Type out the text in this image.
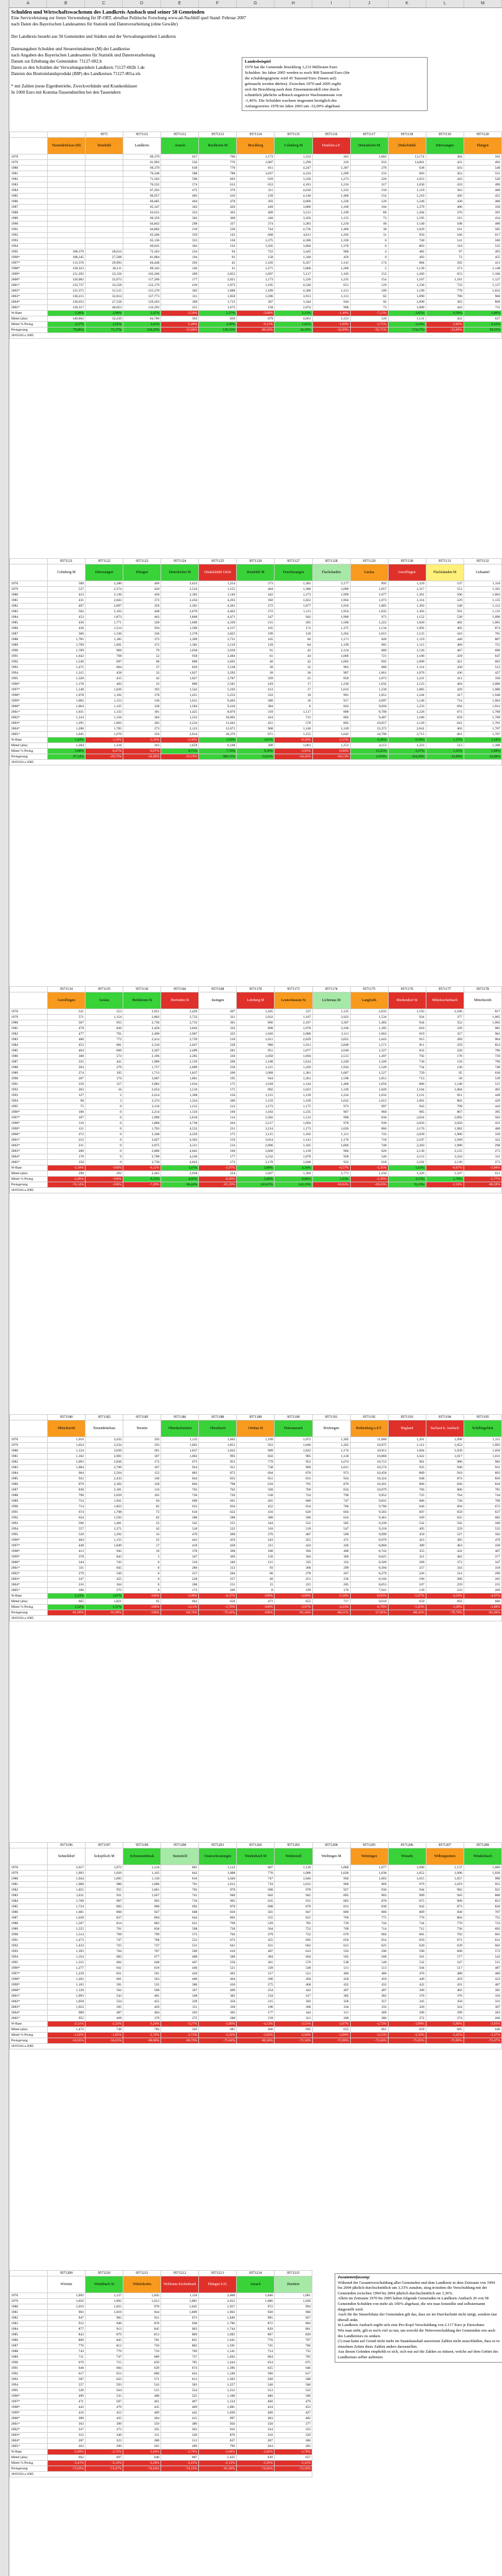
A	B	C	D	E	F	G	H	I	J	K	L	M
Schulden und Wirtschaftswachstum des Landkreis Ansbach und seiner 58 Gemeinden
Eine Serviceleistung zur freien Verwendung für IP-ORT, abrufbar Politische Forschung www.ad-Nachhilf quel Stand: Februar 2007
nach Daten des Bayerischen Landesamtes für Statistik und Datenverarbeitung (ohne Gewähr)
Der Landkreis besteht aus 58 Gemeinden und Städten und der Verwaltungseinheit Landkreis
Datenangaben Schulden und Steuereinnahmen (M) der Landkreise
nach Angaben des Bayerischen Landesamtes für Statistik und Datenverarbeitung
Datum zur Erhebung der Gemeinden: 71127-002.b
Daten zu den Schulden der Verwaltungseinheit Landkreis 71127-002b 1.de
Dateien des Bruttoinlandsprodukt (BIP) des Landkreises 71127-001a.xls
* mit Zahlen (neue Eigenbetriebe, Zweckverbände und Krankenhäuser
In 1000 Euro mit Komma-Tausendstellen bei den Tausendern
Landesbeispiel
1970 hat die Gemeinde Bruckberg 1,233 Millionen Euro
Schulden. Im Jahre 2005 werden es noch 908 Tausend Euro (für
die schuldengegriene wird 45 Tausend Euro Zinsen auf)
gebraucht werden dürfen). Zwischen 1970 und 2005 ergibt
sich für Bruckberg nach dem Zinsenummodell eine durch-
schnittlich jährliche selbstsch negativer Wachstumsrate von
-1,46%. Die Schulden wachsen insgesamt bezüglich des
Anfangswertes 1978 im Jahre 2003 um -32,09% abgebaut.
		9571	9571111	9571112	9571113	9571114	9571115	9571116	9571117	9571118	9571119	9571120
	Neuendettelsau (M)	Dombühl	Landkreis	Aurach	Bechhofen M	Bruckberg	Colmberg M	Dentlein a.F.	Dietenhofen M	Dinkelsbühl	Dürrwangen	Ehingen
1970			69,379	627	700	1,173	1,233	201	1,002	12,174	384	501
1979			61,993	556	776	1,007	1,299	216	933	14,061	431	492
1980			69,379	630	770	811	4,247	1,307	278	638	503	540
1981			70,348	588	780	1,037	4,224	1,209	233	683	452	551
1982			71,503	590	693	629	3,330	1,273	220	1,053	443	520
1983			76,532	574	612	653	4,181	1,216	217	1,030	433	490
1984			67,203	475	376	311	4,010	1,333	150	1,119	363	468
1985			66,957	483	416	239	4,140	1,406	154	1,210	426	455
1986			66,685	464	470	393	4,069	1,220	120	1,246	430	400
1987			65,347	362	426	449	3,889	1,106	104	1,279	406	358
1988			63,615	323	363	409	3,513	1,199	80	1,204	270	391
1989			60,359	302	360	340	3,456	1,155	73	1,195	215	434
1990			64,843	298	337	374	3,383	1,210	48	1,140	188	480
1991			64,802	319	230	744	4,736	1,460	38	1,029	161	585
1992			63,206	359	143	668	4,611	1,292	31	956	166	617
1993			65,136	335	130	1,375	4,300	1,336	6	740	141	566
1994			69,035	302	132	1,565	3,894	1,370	0	803	118	535
1995	108,379	28,614	72,363	224	94	722	3,445	906	4	482	97	493
1996*	108,345	27,568	81,804	194	93	158	1,340	456	0	493	72	455
1997*	113,376	29,993	84,448	203	42	1,326	6,327	1,141	174	884	292	412
1998*	120,323	30,111	89,342	146	41	1,271	5,860	1,206	2	1,139	273	1,148
1999*	131,292	33,156	102,206	209	2,053	1,697	5,117	1,183	152	1,269	653	1,106
2000*	126,002	32,073	117,266	177	2,021	1,173	5,226	1,235	154	1,187	1,181	1,127
2001*	133,737	33,558	122,179	419	1,973	1,195	4,540	651	129	1,230	733	1,127
2002*	125,373	31,515	125,370	305	1,888	1,189	4,300	1,121	109	1,190	778	1,032
2003*	130,215	32,014	127,773	311	1,858	1,206	3,913	1,113	82	1,090	780	968
2004*	136,653	27,558	129,203	309	1,713	307	3,344	944	92	1,090	363	869
2005*	139,317	48,653	132,292	255	1,675	158	2,874	908	73	1,089	443	711
W-Rate	3,36%	2,98%	2,47%	-3,58%	2,37%	-3,68%	2,12%	-1,46%	-7,12%	3,65%	0,39%	1,06%
Mittel (abs)	140,862	32,239	84,706	363	826	879	4,061	1,121	120	1,131	422	627
Mittel % Preisg.	3,57%	2,65%	3,01%	-5,48%	3,99%	-0,12%	1,02%	-1,69%	-3,75%	3,10%	-2,66%	6,42%
Preisgerung	79,06%	71,17%	102,20%	-31,68%	139,35%	-86,56%	34,19%	-32,09%	-92,71%	174,17%	-23,09%	39,55%
18/05/04 a 2005												
	9571121	9571122	9571123	9571124	9571125	9571126	9571127	9571128	9571129	9571130	9571131	9571132
	Colmberg M	Dürrwangen	Ehingen	Dietenhofen M	Dinkelsbühl GKSt	Dombühl M	Feuchtwangen	Flachslanden	Geslau	Gerolfingen	Flachslanden M	Gebsattel
1970	500	2,280	469	2,622	1,254	573	1,383	2,177	895	1,329	537	1,118
1979	537	2,374	420	2,524	1,155	484	1,380	2,080	1,057	1,317	551	1,101
1980	423	2,130	458	2,385	1,146	442	1,273	1,999	1,077	1,301	506	1,063
1981	431	2,043	373	2,456	4,263	392	1,022	1,964	1,073	1,314	529	1,135
1982	497	2,097	359	2,301	4,301	272	1,077	1,916	1,085	1,303	548	1,152
1983	502	2,163	448	2,079	4,463	272	1,111	1,954	1,035	1,303	591	1,131
1984	453	1,873	463	1,868	4,471	247	942	1,900	973	1,152	538	1,096
1985	436	1,771	328	1,600	4,339	215	265	1,500	1,222	1,020	402	1,001
1986	426	1,514	294	1,589	4,317	165	172	1,375	1,134	1,092	402	874
1987	366	1,330	336	1,378	3,825	199	120	1,262	1,015	1,125	416	765
1988	1,785	1,185	372	1,369	3,731	165	84	1,171	949	1,119	440	807
1989	1,799	1,091	372	1,382	3,519	129	84	1,199	905	1,115	469	755
1990	1,709	969	79	1,030	3,639	91	42	1,124	809	1,120	467	696
1991	1,642	768	52	958	3,484	61	44	1,066	721	1,186	439	647
1992	1,549	697	60	888	3,695	40	42	1,003	692	1,099	421	603
1993	1,475	604	37	829	3,538	30	32	983	680	1,114	430	512
1994	1,315	458	32	1,027	3,292	20	30	907	1,061	1,076	436	427
1995	1,320	415	42	1,027	3,787	329	25	850	1,073	1,221	411	358
1996*	1,178	403	23	889	3,581	419	17	1,230	1,032	1,123	404	2,006
1997*	1,148	1,026	193	1,542	5,103	413	17	1,033	1,230	1,085	429	1,980
1998*	1,078	1,102	178	1,451	5,253	333	10	981	1,051	1,244	417	1,948
1999*	1,002	1,153	130	1,631	9,403	380	10	917	4,097	1,146	714	1,964
2000*	1,064	1,125	130	1,584	9,410	384	8	843	9,058	1,233	694	1,912
2001*	1,031	1,133	181	1,425	8,876	319	1,117	808	8,700	1,226	671	1,768
2002*	1,334	1,156	364	1,252	10,092	424	713	802	9,407	1,186	659	1,768
2003*	1,295	1,063	303	2,234	11,043	421	570	802	10,057	1,120	641	1,701
2004*	1,208	1,705	273	2,123	12,671	968	1,146	1,149	23,372	2,841	403	1,707
2005*	1,045	1,670	356	2,014	18,376	871	1,155	1,042	24,790	2,715	661	1,707
W-Rate	1,44%	-1,59%	-3,56%	-2,36%	3,59%	3,01%	-8,20%	-2,15%	6,46%	0,50%	1,27%	1,24%
Mittel (abs)	1,284	1,318	263	1,659	6,108	300	1,001	1,253	4,113	1,223	512	1,388
Mittel % Preisg.	3,00%	-0,47%	-0,67%	0,71%	7,70%	0,39%	-3,91%	-0,90%	13,35%	2,27%	1,55%	1,09%
Preisgerung	97,54%	-29,73%	-24,09%	-23,19%	380,72%	52,01%	-16,41%	-50,13%	2.670%	104,29%	23,09%	52,68%
18/05/04 a 2005												
	9571134	9571135	9571136	9571166	9571168	9571170	9571173	9571174	9571175	9571176	9571177	9571178
	Gerolfingen	Geslau	Heilsbronn St	Herrieden St	Insingen	Lehrberg M	Leutershausen St	Lichtenau M	Langfurth	Merkendorf St	Mitteleschenbach	Mönchsroth
1970	611	553	2,951	2,429	497	1,205	237	1,125	2,035	1,193	2,186	817
1979	571	1,154	2,803	2,732	321	1,032	1,107	2,922	1,534	924	377	1,065
1980	507	955	2,730	2,733	301	866	2,107	3,307	1,402	944	352	1,002
1981	479	830	2,458	3,044	332	890	1,978	3,160	1,395	810	339	981
1982	477	791	2,490	2,967	335	1,026	2,080	3,111	1,663	819	357	962
1983	480	772	2,414	2,739	210	1,011	2,029	3,055	1,643	915	289	904
1984	453	681	2,310	2,647	228	980	1,911	2,848	1,571	811	259	854
1985	404	660	2,207	2,499	281	951	1,877	2,640	1,527	832	220	786
1986	308	574	2,196	2,285	336	1,050	1,694	2,513	1,497	792	178	739
1987	335	441	1,900	2,159	298	1,108	1,614	2,249	1,509	730	150	796
1988	264	279	1,757	2,009	250	1,121	1,439	1,934	1,549	734	130	740
1989	274	195	1,713	1,837	206	1,009	1,381	1,687	1,527	729	95	636
1990	267	174	3,007	1,801	195	944	1,261	1,598	1,051	713	58	539
1991	229	157	2,882	1,634	175	1,018	1,144	1,406	1,056	806	1,148	515
1992	203	16	2,654	1,510	175	892	1,023	1,330	1,049	1,104	1,084	491
1993	127	2	2,614	1,368	156	1,115	1,120	1,224	1,032	1,121	921	449
1994	98	3	2,374	1,334	200	1,159	1,169	1,032	1,013	1,001	802	429
1995	75	0	2,116	1,215	212	1,173	1,175	973	997	943	799	443
1996*	100	0	2,214	1,156	169	1,183	1,235	967	960	985	867	395
1997*	107	0	1,990	5,018	114	3,302	1,133	990	830	2,024	2,092	503
1998*	110	0	1,868	4,738	264	3,217	1,094	978	930	2,056	2,050	431
1999*	121	0	1,703	4,532	231	3,214	1,173	1,026	866	2,176	1,982	400
2000*	272	0	3,100	4,359	175	3,115	1,182	1,111	743	2,039	1,906	339
2001*	252	0	3,027	4,303	159	3,014	1,141	1,176	718	2,107	1,949	322
2002*	231	0	2,875	4,211	214	2,896	1,185	1,066	748	2,203	1,980	298
2003*	200	0	2,800	4,042	160	3,060	1,139	984	626	2,130	2,125	273
2004*	178	0	2,708	4,230	177	3,232	1,078	958	546	2,153	2,224	311
2005*	158	0	2,730	4,043	173	3,170	1,048	922	618	2,102	2,130	273
W-Rate	-3,18%	-100%	-0,22%	1,47%	-2,97%	2,80%	4,34%	-0,57%	-3,35%	1,63%	-0,07%	-3,09%
Mittel (abs)	290	292	2,462	2,938	224	1,667	1,394	1,771	1,234	1,326	1,107	612
Mittel % Preisg.	-2,09%	-100%	0,13%	4,05%	-0,49%	5,06%	8,06%	1,03%	-2,36%	3,53%	5,78%	-1,77%
Preisgerung	-74,14%	-100%	-7,49%	66,44%	-65,19%	163,07%	342,19%	-18,04%	-69,63%	76,19%	-2,56%	-66,59%
18/05/04 a 2005												
	9571180	9571182	9571185	9571186	9571188	9571189	9571190	9571191	9571192	9571193	9571194	9571195
	Mönchsroth	Neuendettelsau	Neusitz	Oberdachstetten	Ohrenbach	Ornbau St	Petersaurach	Röckingen	Rothenburg o.d.T.	Rügland	Sachsen b. Ansbach	Schillingsfürst
1970	1,016	3,432	193	1,135	1,002	1,109	1,072	1,305	11,006	1,201	1,098	1,115
1979	1,054	3,234	193	1,065	1,051	933	1,046	1,262	10,975	1,112	1,052	1,093
1980	1,124	3,039	201	1,037	1,032	909	1,022	1,174	10,911	1,064	1,039	1,050
1981	1,102	2,981	187	1,003	995	856	985	1,130	10,860	1,022	1,017	1,011
1982	1,093	2,830	172	973	955	779	953	1,074	10,713	981	986	982
1983	1,004	2,709	167	924	911	738	909	1,021	10,574	935	948	931
1984	964	2,564	152	883	872	694	870	973	10,458	889	910	893
1985	922	2,433	140	844	835	651	833	924	10,324	848	874	856
1986	879	2,302	128	804	798	610	795	879	10,201	806	836	818
1987	838	2,181	116	765	762	569	760	834	10,079	766	800	781
1988	796	2,059	105	726	726	530	724	790	9,952	725	764	744
1989	754	1,941	94	690	691	491	689	747	9,831	686	728	708
1990	714	1,823	82	652	656	452	654	706	9,706	646	694	672
1991	674	1,708	72	616	622	416	620	664	9,583	607	659	637
1992	634	1,593	62	580	588	380	586	624	9,461	569	625	602
1993	596	1,481	52	545	555	344	552	585	9,339	532	592	568
1994	557	1,371	42	510	522	310	519	547	9,218	495	559	535
1995	520	1,262	33	476	490	276	487	509	9,099	459	527	502
1996*	484	1,155	25	443	459	243	455	472	8,979	423	495	470
1997*	448	1,049	17	410	428	211	424	436	8,860	389	463	438
1998*	413	945	10	378	398	180	394	400	8,742	355	432	407
1999*	378	843	3	347	369	150	364	366	8,625	321	402	377
2000*	344	743	0	316	340	121	335	332	8,509	289	372	347
2001*	311	645	0	286	312	93	306	299	8,394	257	343	318
2002*	279	549	0	257	284	66	278	267	8,279	226	314	290
2003*	247	455	0	228	257	40	251	236	8,166	196	286	262
2004*	216	364	0	200	231	15	225	205	8,053	167	259	235
2005*	186	275	0	173	206	0	199	176	7,941	139	233	209
W-Rate	2,23%	1,67%	-100%	-5,08%	-4,37%	-100%	-4,69%	-5,56%	-0,93%	-5,97%	-4,33%	-4,67%
Mittel (abs)	665	1,821	95	662	656	471	655	717	9,616	659	693	680
Mittel % Preisg.	5,52%	1,37%	-100%	-4,11%	-3,70%	-100%	-3,67%	-4,23%	-0,78%	-5,05%	-3,38%	-3,88%
Preisgerung	-81,69%	-91,99%	-100%	-84,76%	-79,44%	-100%	-81,44%	-86,51%	-27,85%	-88,43%	-78,78%	-81,26%
18/05/04 a 2005												
	9571196	9571197	9571199	9571200	9571201	9571202	9571203	9571204	9571205	9571206	9571207	9571208
	Schnelldorf	Schopfloch M	Schwarzenbruck	Steinsfeld	Unterschwaningen	Weidenbach M	Weihenzell	Weiltingen M	Wettringen	Wieseth	Wilburgstetten	Windelsbach
1970	2,017	1,072	1,210	881	1,122	807	1,120	1,066	1,077	1,090	1,137	1,060
1979	1,993	1,029	1,165	842	1,088	776	1,080	1,028	1,038	1,052	1,096	1,026
1980	1,944	1,005	1,130	816	1,049	747	1,046	994	1,003	1,015	1,057	990
1981	1,900	980	1,096	791	1,013	719	1,012	960	969	979	1,019	955
1982	1,855	955	1,061	765	976	690	978	927	936	944	982	921
1983	1,811	931	1,027	741	940	662	945	895	903	909	945	886
1984	1,768	907	993	716	905	635	912	863	870	875	909	853
1985	1,724	883	960	692	870	608	879	831	838	842	873	820
1986	1,681	860	927	668	836	581	847	800	806	809	838	787
1987	1,639	837	894	644	802	555	815	769	775	776	804	755
1988	1,597	814	862	621	769	529	783	739	744	744	770	723
1989	1,555	791	830	598	736	504	752	709	714	712	736	692
1990	1,514	769	799	575	704	479	722	679	684	681	703	661
1991	1,473	747	768	553	672	455	692	650	654	650	671	631
1992	1,433	725	737	531	641	431	662	621	625	620	639	601
1993	1,393	704	707	509	610	407	633	593	596	590	608	572
1994	1,354	683	677	488	580	384	604	565	568	561	577	543
1995	1,315	662	648	467	550	361	576	538	540	532	547	515
1996*	1,277	641	619	446	521	339	548	511	513	504	517	487
1997*	1,239	621	591	426	492	317	521	484	486	476	488	460
1998*	1,202	601	563	406	464	296	494	458	459	449	459	433
1999*	1,165	581	535	386	436	275	468	432	433	422	431	407
2000*	1,129	562	508	367	409	254	442	407	407	396	403	381
2001*	1,093	543	481	348	382	234	417	382	382	370	376	356
2002*	1,058	524	455	329	356	215	392	358	357	345	350	331
2003*	1,023	505	429	311	330	196	368	334	333	320	324	307
2004*	989	487	404	293	305	177	344	311	309	296	299	283
2005*	955	469	379	275	280	159	321	288	286	272	274	260
W-Rate	-2,11%	-2,33%	-3,26%	-3,27%	-3,89%	-4,53%	-3,51%	-3,67%	-3,72%	-3,89%	-3,98%	-3,93%
Mittel (abs)	1,472	748	782	565	681	466	695	655	661	659	685	640
Mittel % Preisg.	-1,62%	-1,85%	-2,70%	-2,72%	-3,32%	-3,92%	-2,94%	-3,09%	-3,15%	-3,32%	-3,41%	-3,37%
Preisgerung	-52,65%	-56,25%	-68,68%	-68,79%	-75,04%	-80,30%	-71,34%	-72,98%	-73,44%	-75,05%	-75,90%	-75,47%
18/05/04 a 2005												
	9571209	9571210	9571211	9571212	9571213	9571214	9571215
	Wörnitz	Windsbach St	Wittelshofen	Wolframs-Eschenbach	Ehingen b.D.	Aurach	Dentlein
1970	1,092	1,127	1,045	1,118	2,068	1,040	1,061
1979	1,056	1,092	1,012	1,081	2,012	1,006	1,028
1980	1,019	1,055	978	1,045	1,957	972	994
1981	983	1,019	944	1,009	1,903	938	960
1982	947	983	911	973	1,849	905	927
1983	912	948	878	938	1,796	872	894
1984	877	913	845	903	1,744	839	861
1985	843	879	813	869	1,692	807	829
1986	809	845	781	835	1,641	776	797
1987	776	812	750	802	1,591	745	766
1988	743	779	719	769	1,541	714	735
1989	711	747	689	737	1,492	684	705
1990	679	715	659	705	1,444	654	675
1991	648	684	629	674	1,396	625	646
1992	617	653	600	643	1,349	596	617
1993	587	623	571	613	1,303	568	588
1994	557	593	543	583	1,257	540	560
1995	528	564	515	554	1,212	513	533
1996*	499	535	488	525	1,168	486	506
1997*	471	507	461	497	1,124	460	479
1998*	443	479	435	469	1,081	434	453
1999*	416	452	409	442	1,039	408	427
2000*	389	425	384	415	997	383	402
2001*	363	399	359	389	956	358	377
2002*	337	373	335	363	916	334	353
2003*	312	348	311	338	876	310	329
2004*	287	323	288	313	837	287	306
2005*	263	299	265	289	799	264	283
W-Rate	-3,99%	-3,72%	-3,84%	-3,79%	-2,68%	-3,84%	-3,70%
Mittel (abs)	662	697	640	687	1,425	636	657
Mittel % Preisg.	-3,41%	-3,14%	-3,26%	-3,21%	-2,13%	-3,26%	-3,12%
Preisgerung	-75,92%	-73,47%	-74,64%	-74,15%	-61,36%	-74,62%	-73,33%
18/05/04 a 2005							
Zusammenfassung:
Während der Gesamtverschuldung aller Gemeinden und dem Landkreis in dem Zeitraum von 1994 bis 2004 jährlich durchschnittlich um 3,33% zunahm, stieg trotzdem die Verschuldung mit der Gemeinden zwischen 1994 bis 2004 jährlich durchschnittlich um 3,36%.
Allein im Zeitraum 1970 bis 2005 haben folgende Gemeinden in Landkreis Ansbach 26 von 58 Gemeinden Schulden von mehr als 100% abgebaut, die wie man feststellte und selbsternannt dargestellt wird.
Auch für die Steuerbilanz der Gemeinden gilt das, dass sie im Durchschnitt nicht steigt, sondern fast überall sinkt.
In Landkreis Ansbach ergibt sich eine Pro-Kopf-Verschuldung von 2.117 Euro je Einwohner.
Wie man sieht, gilt es noch viel zu tun, um sowohl die Nettoverschuldung der Gemeinden wie auch des Landkreises zu senken.
(1) man kann auf Grund nicht mehr im Staatshaushalt ausweisen Zahlen nicht ausschließen, dass es in einzelnen Zeiten diese Zahlen anders darzustellen.
Aus diesen Gründen empfiehlt es sich, sich nur auf die Zahlen zu stützen, welche auf dem Gebiet des Landkreises selber auftreten.
